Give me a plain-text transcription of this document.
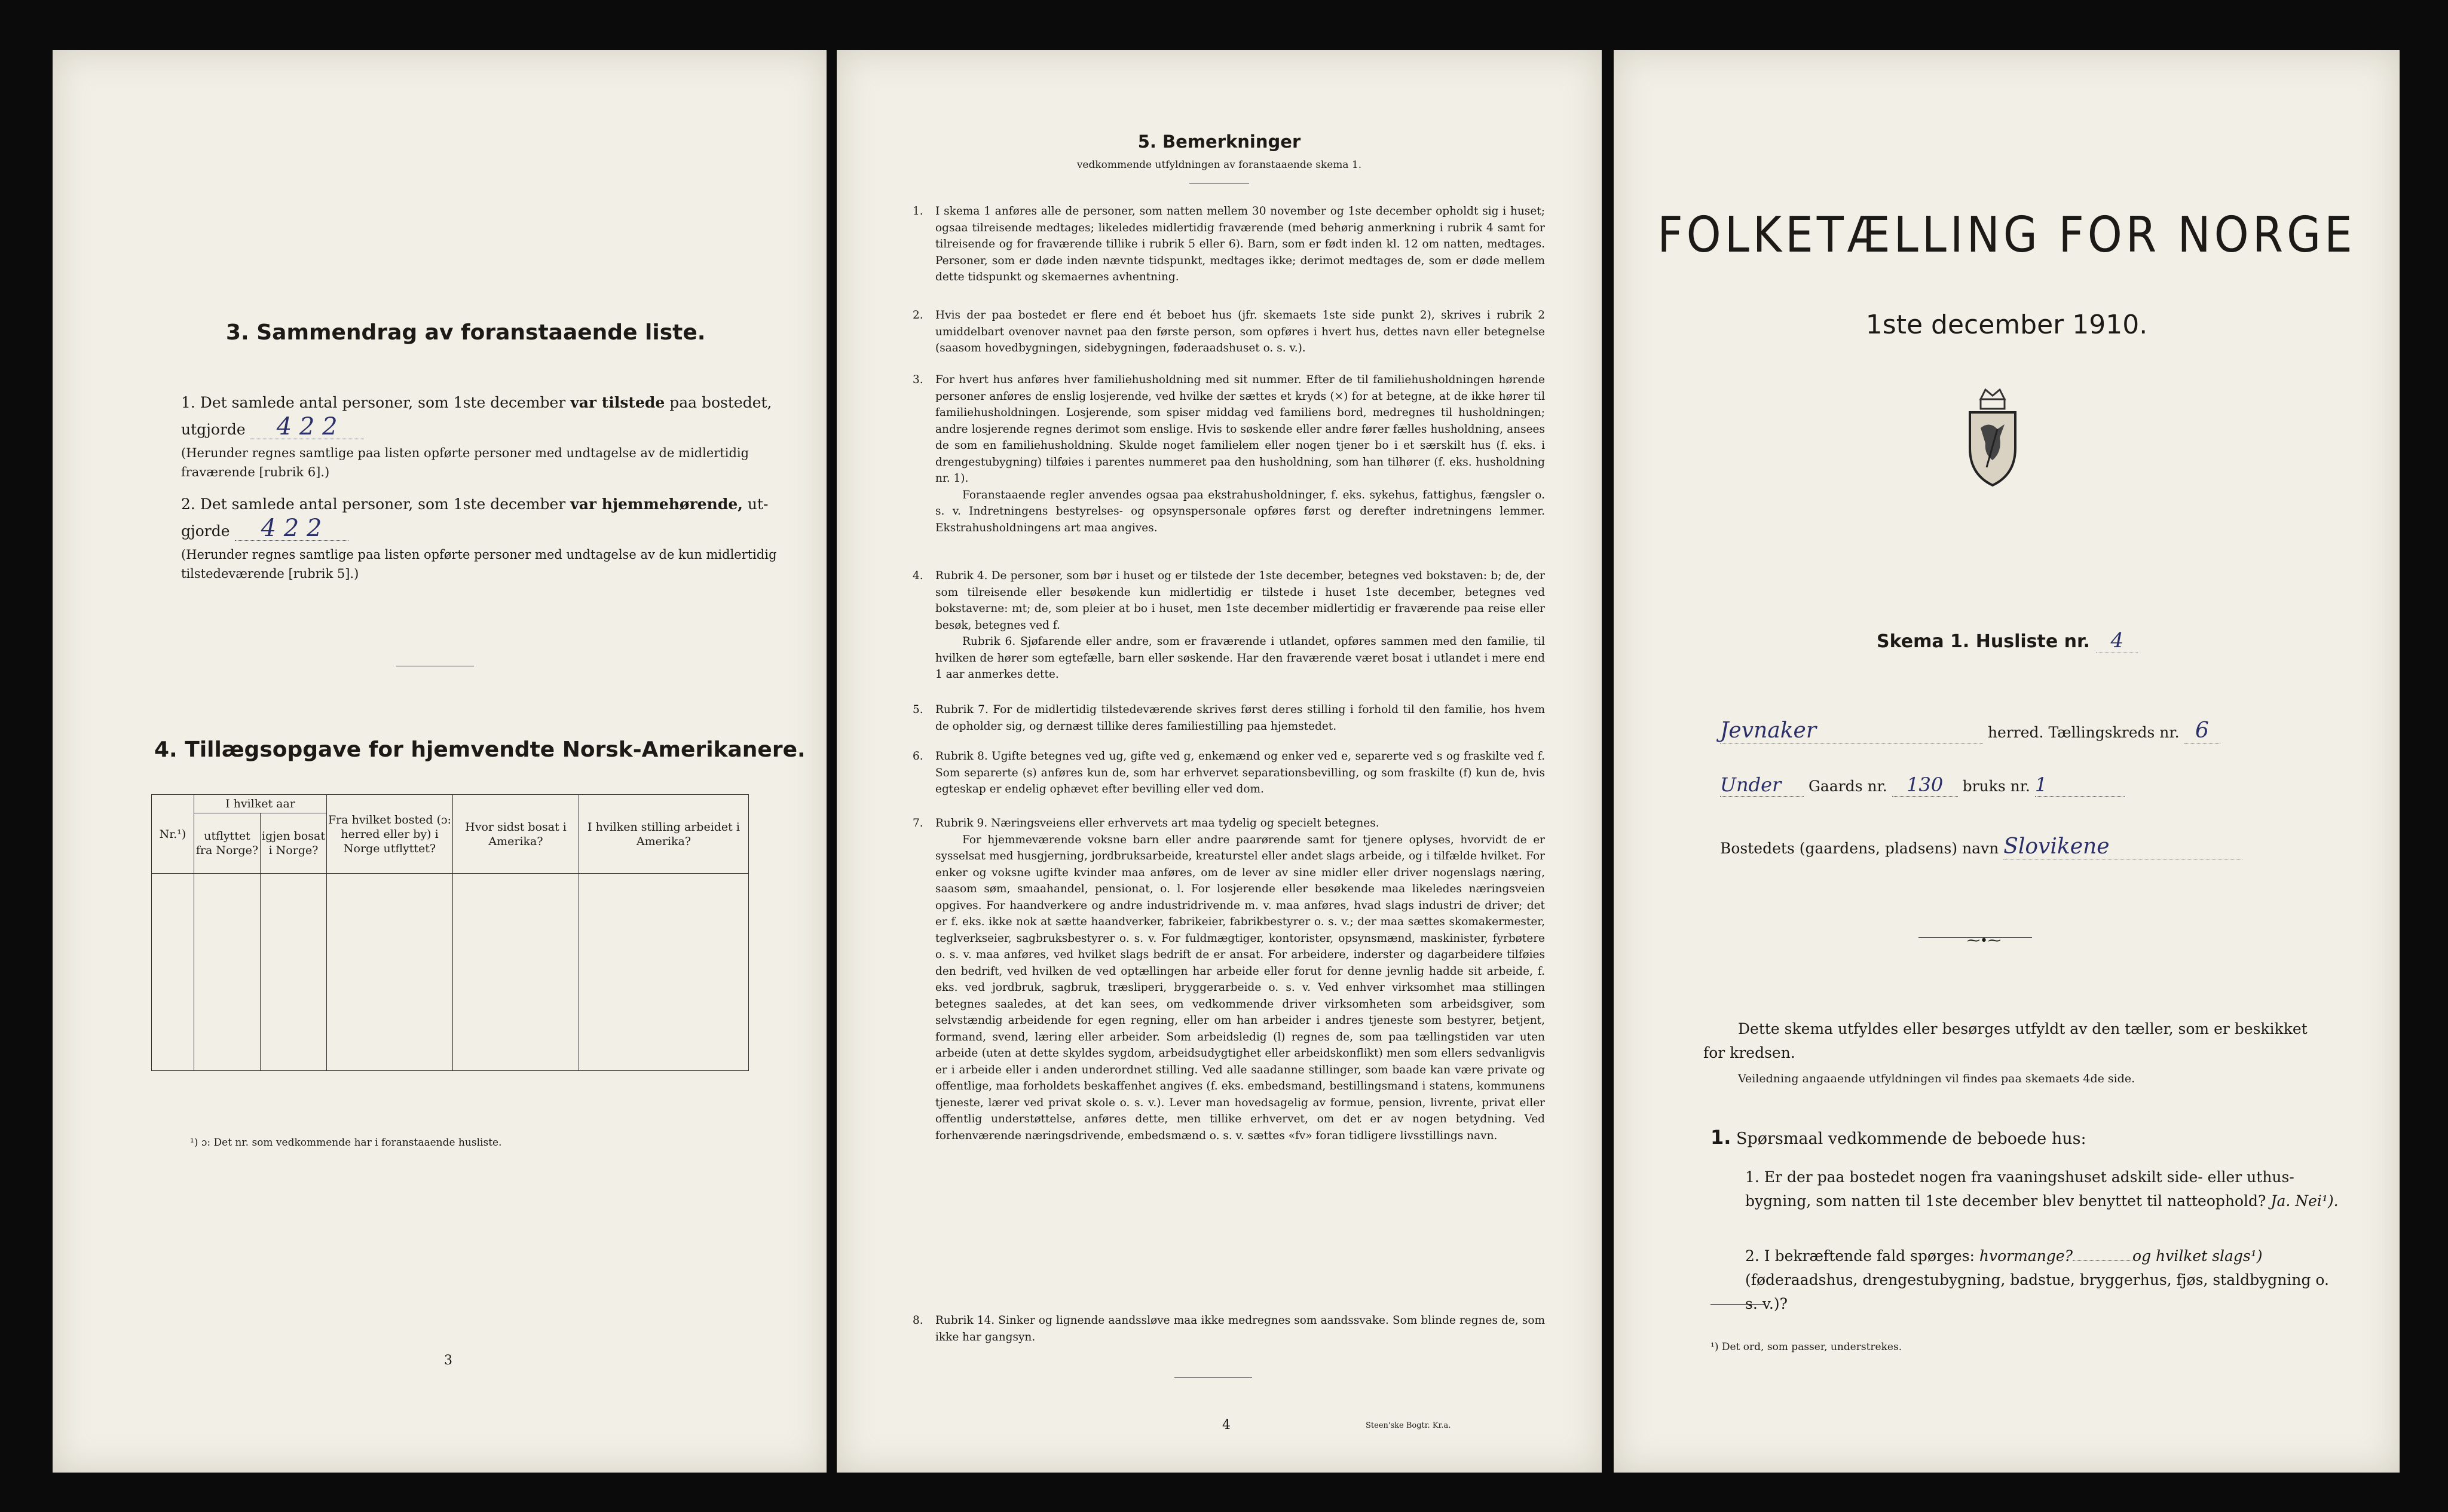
3. Sammendrag av foranstaaende liste.

1. Det samlede antal personer, som 1ste december var tilstede paa bostedet,

utgjorde 4 2 2
(Herunder regnes samtlige paa listen opførte personer med undtagelse av de midlertidig fraværende [rubrik 6].)

2. Det samlede antal personer, som 1ste december var hjemmehørende, ut-

gjorde 4 2 2
(Herunder regnes samtlige paa listen opførte personer med undtagelse av de kun midlertidig tilstedeværende [rubrik 5].)
4. Tillægsopgave for hjemvendte Norsk-Amerikanere.
Nr.¹)	I hvilket aar		Fra hvilket bosted (ɔ: herred eller by) i Norge utflyttet?	Hvor sidst bosat i Amerika?	I hvilken stilling arbeidet i Amerika?
	utflyttet fra Norge?	igjen bosat i Norge?			

¹) ɔ: Det nr. som vedkommende har i foranstaaende husliste.
3
5. Bemerkninger
vedkommende utfyldningen av foranstaaende skema 1.
1. I skema 1 anføres alle de personer, som natten mellem 30 november og 1ste december opholdt sig i huset; ogsaa tilreisende medtages; likeledes midlertidig fraværende (med behørig anmerkning i rubrik 4 samt for tilreisende og for fraværende tillike i rubrik 5 eller 6). Barn, som er født inden kl. 12 om natten, medtages. Personer, som er døde inden nævnte tidspunkt, medtages ikke; derimot medtages de, som er døde mellem dette tidspunkt og skemaernes avhentning.

2. Hvis der paa bostedet er flere end ét beboet hus (jfr. skemaets 1ste side punkt 2), skrives i rubrik 2 umiddelbart ovenover navnet paa den første person, som opføres i hvert hus, dettes navn eller betegnelse (saasom hovedbygningen, sidebygningen, føderaadshuset o. s. v.).

3. For hvert hus anføres hver familiehusholdning med sit nummer. Efter de til familiehusholdningen hørende personer anføres de enslig losjerende, ved hvilke der sættes et kryds (×) for at betegne, at de ikke hører til familiehusholdningen. Losjerende, som spiser middag ved familiens bord, medregnes til husholdningen; andre losjerende regnes derimot som enslige. Hvis to søskende eller andre fører fælles husholdning, ansees de som en familiehusholdning. Skulde noget familielem eller nogen tjener bo i et særskilt hus (f. eks. i drengestubygning) tilføies i parentes nummeret paa den husholdning, som han tilhører (f. eks. husholdning nr. 1).

Foranstaaende regler anvendes ogsaa paa ekstrahusholdninger, f. eks. sykehus, fattighus, fængsler o. s. v. Indretningens bestyrelses- og opsynspersonale opføres først og derefter indretningens lemmer. Ekstrahusholdningens art maa angives.

4. Rubrik 4. De personer, som bør i huset og er tilstede der 1ste december, betegnes ved bokstaven: b; de, der som tilreisende eller besøkende kun midlertidig er tilstede i huset 1ste december, betegnes ved bokstaverne: mt; de, som pleier at bo i huset, men 1ste december midlertidig er fraværende paa reise eller besøk, betegnes ved f.

Rubrik 6. Sjøfarende eller andre, som er fraværende i utlandet, opføres sammen med den familie, til hvilken de hører som egtefælle, barn eller søskende. Har den fraværende været bosat i utlandet i mere end 1 aar anmerkes dette.

5. Rubrik 7. For de midlertidig tilstedeværende skrives først deres stilling i forhold til den familie, hos hvem de opholder sig, og dernæst tillike deres familiestilling paa hjemstedet.

6. Rubrik 8. Ugifte betegnes ved ug, gifte ved g, enkemænd og enker ved e, separerte ved s og fraskilte ved f. Som separerte (s) anføres kun de, som har erhvervet separationsbevilling, og som fraskilte (f) kun de, hvis egteskap er endelig ophævet efter bevilling eller ved dom.

7. Rubrik 9. Næringsveiens eller erhvervets art maa tydelig og specielt betegnes.

For hjemmeværende voksne barn eller andre paarørende samt for tjenere oplyses, hvorvidt de er sysselsat med husgjerning, jordbruksarbeide, kreaturstel eller andet slags arbeide, og i tilfælde hvilket. For enker og voksne ugifte kvinder maa anføres, om de lever av sine midler eller driver nogenslags næring, saasom søm, smaahandel, pensionat, o. l. For losjerende eller besøkende maa likeledes næringsveien opgives. For haandverkere og andre industridrivende m. v. maa anføres, hvad slags industri de driver; det er f. eks. ikke nok at sætte haandverker, fabrikeier, fabrikbestyrer o. s. v.; der maa sættes skomakermester, teglverkseier, sagbruksbestyrer o. s. v. For fuldmægtiger, kontorister, opsynsmænd, maskinister, fyrbøtere o. s. v. maa anføres, ved hvilket slags bedrift de er ansat. For arbeidere, inderster og dagarbeidere tilføies den bedrift, ved hvilken de ved optællingen har arbeide eller forut for denne jevnlig hadde sit arbeide, f. eks. ved jordbruk, sagbruk, træsliperi, bryggerarbeide o. s. v. Ved enhver virksomhet maa stillingen betegnes saaledes, at det kan sees, om vedkommende driver virksomheten som arbeidsgiver, som selvstændig arbeidende for egen regning, eller om han arbeider i andres tjeneste som bestyrer, betjent, formand, svend, læring eller arbeider. Som arbeidsledig (l) regnes de, som paa tællingstiden var uten arbeide (uten at dette skyldes sygdom, arbeidsudygtighet eller arbeidskonflikt) men som ellers sedvanligvis er i arbeide eller i anden underordnet stilling. Ved alle saadanne stillinger, som baade kan være private og offentlige, maa forholdets beskaffenhet angives (f. eks. embedsmand, bestillingsmand i statens, kommunens tjeneste, lærer ved privat skole o. s. v.). Lever man hovedsagelig av formue, pension, livrente, privat eller offentlig understøttelse, anføres dette, men tillike erhvervet, om det er av nogen betydning. Ved forhenværende næringsdrivende, embedsmænd o. s. v. sættes «fv» foran tidligere livsstillings navn.

8. Rubrik 14. Sinker og lignende aandssløve maa ikke medregnes som aandssvake. Som blinde regnes de, som ikke har gangsyn.

4	Steen'ske Bogtr. Kr.a.
FOLKETÆLLING FOR NORGE
1ste december 1910.
Skema 1. Husliste nr. 4
Jevnaker	herred. Tællingskreds nr. 6
Under Gaards nr. 130 bruks nr. 1
Bostedets (gaardens, pladsens) navn Slovikene
⁓•⁓
Dette skema utfyldes eller besørges utfyldt av den tæller, som er beskikket for kredsen.
Veiledning angaaende utfyldningen vil findes paa skemaets 4de side.
1. Spørsmaal vedkommende de beboede hus:
1. Er der paa bostedet nogen fra vaaningshuset adskilt side- eller uthus-bygning, som natten til 1ste december blev benyttet til natteophold? Ja. Nei¹).
2. I bekræftende fald spørges: hvormange?	og hvilket slags¹) (føderaadshus, drengestubygning, badstue, bryggerhus, fjøs, staldbygning o. s. v.)?
¹) Det ord, som passer, understrekes.
